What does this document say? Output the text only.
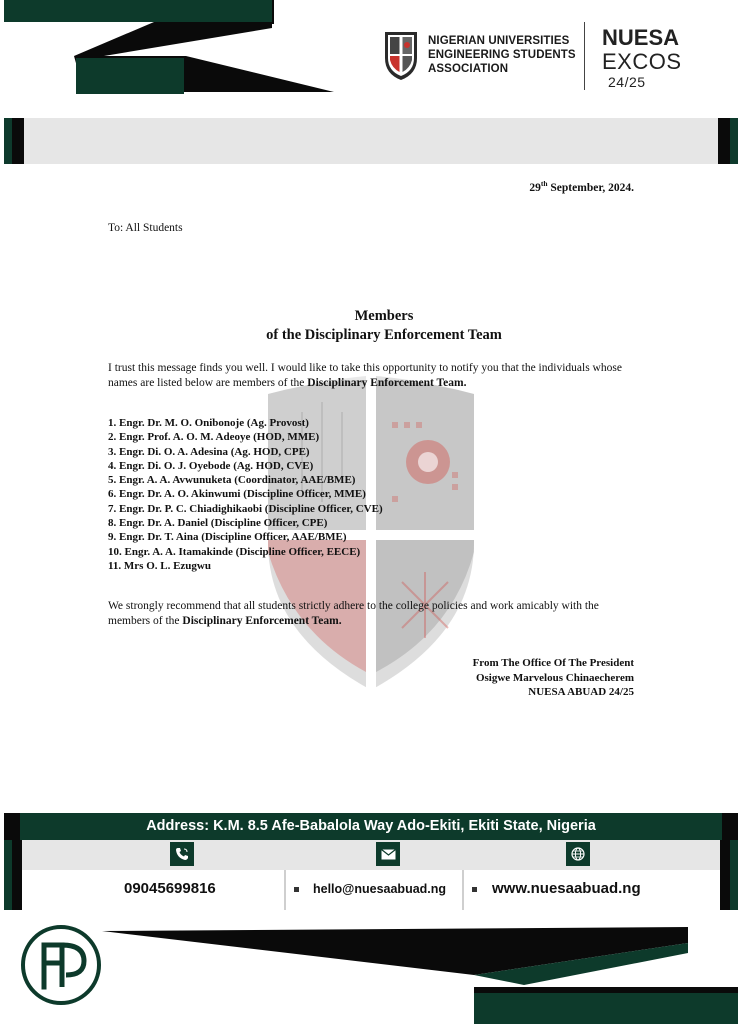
NIGERIAN UNIVERSITIES
ENGINEERING STUDENTS
ASSOCIATION
NUESA
EXCOS
24/25
29th September, 2024.
To: All Students
Members
of the Disciplinary Enforcement Team

I trust this message finds you well. I would like to take this opportunity to notify you that the individuals whose names are listed below are members of the Disciplinary Enforcement Team.

1. Engr. Dr. M. O. Onibonoje (Ag. Provost)
2. Engr. Prof. A. O. M. Adeoye (HOD, MME)
3. Engr. Di. O. A. Adesina (Ag. HOD, CPE)
4. Engr. Di. O. J. Oyebode (Ag. HOD, CVE)
5. Engr. A. A. Avwunuketa (Coordinator, AAE/BME)
6. Engr. Dr. A. O. Akinwumi (Discipline Officer, MME)
7. Engr. Dr. P. C. Chiadighikaobi (Discipline Officer, CVE)
8. Engr. Dr. A. Daniel (Discipline Officer, CPE)
9. Engr. Dr. T. Aina (Discipline Officer, AAE/BME)
10. Engr. A. A. Itamakinde (Discipline Officer, EECE)
11. Mrs O. L. Ezugwu

We strongly recommend that all students strictly adhere to the college policies and work amicably with the members of the Disciplinary Enforcement Team.

From The Office Of The President
Osigwe Marvelous Chinaecherem
NUESA ABUAD 24/25
Address: K.M. 8.5 Afe-Babalola Way Ado-Ekiti, Ekiti State, Nigeria
09045699816	hello@nuesaabuad.ng	www.nuesaabuad.ng
